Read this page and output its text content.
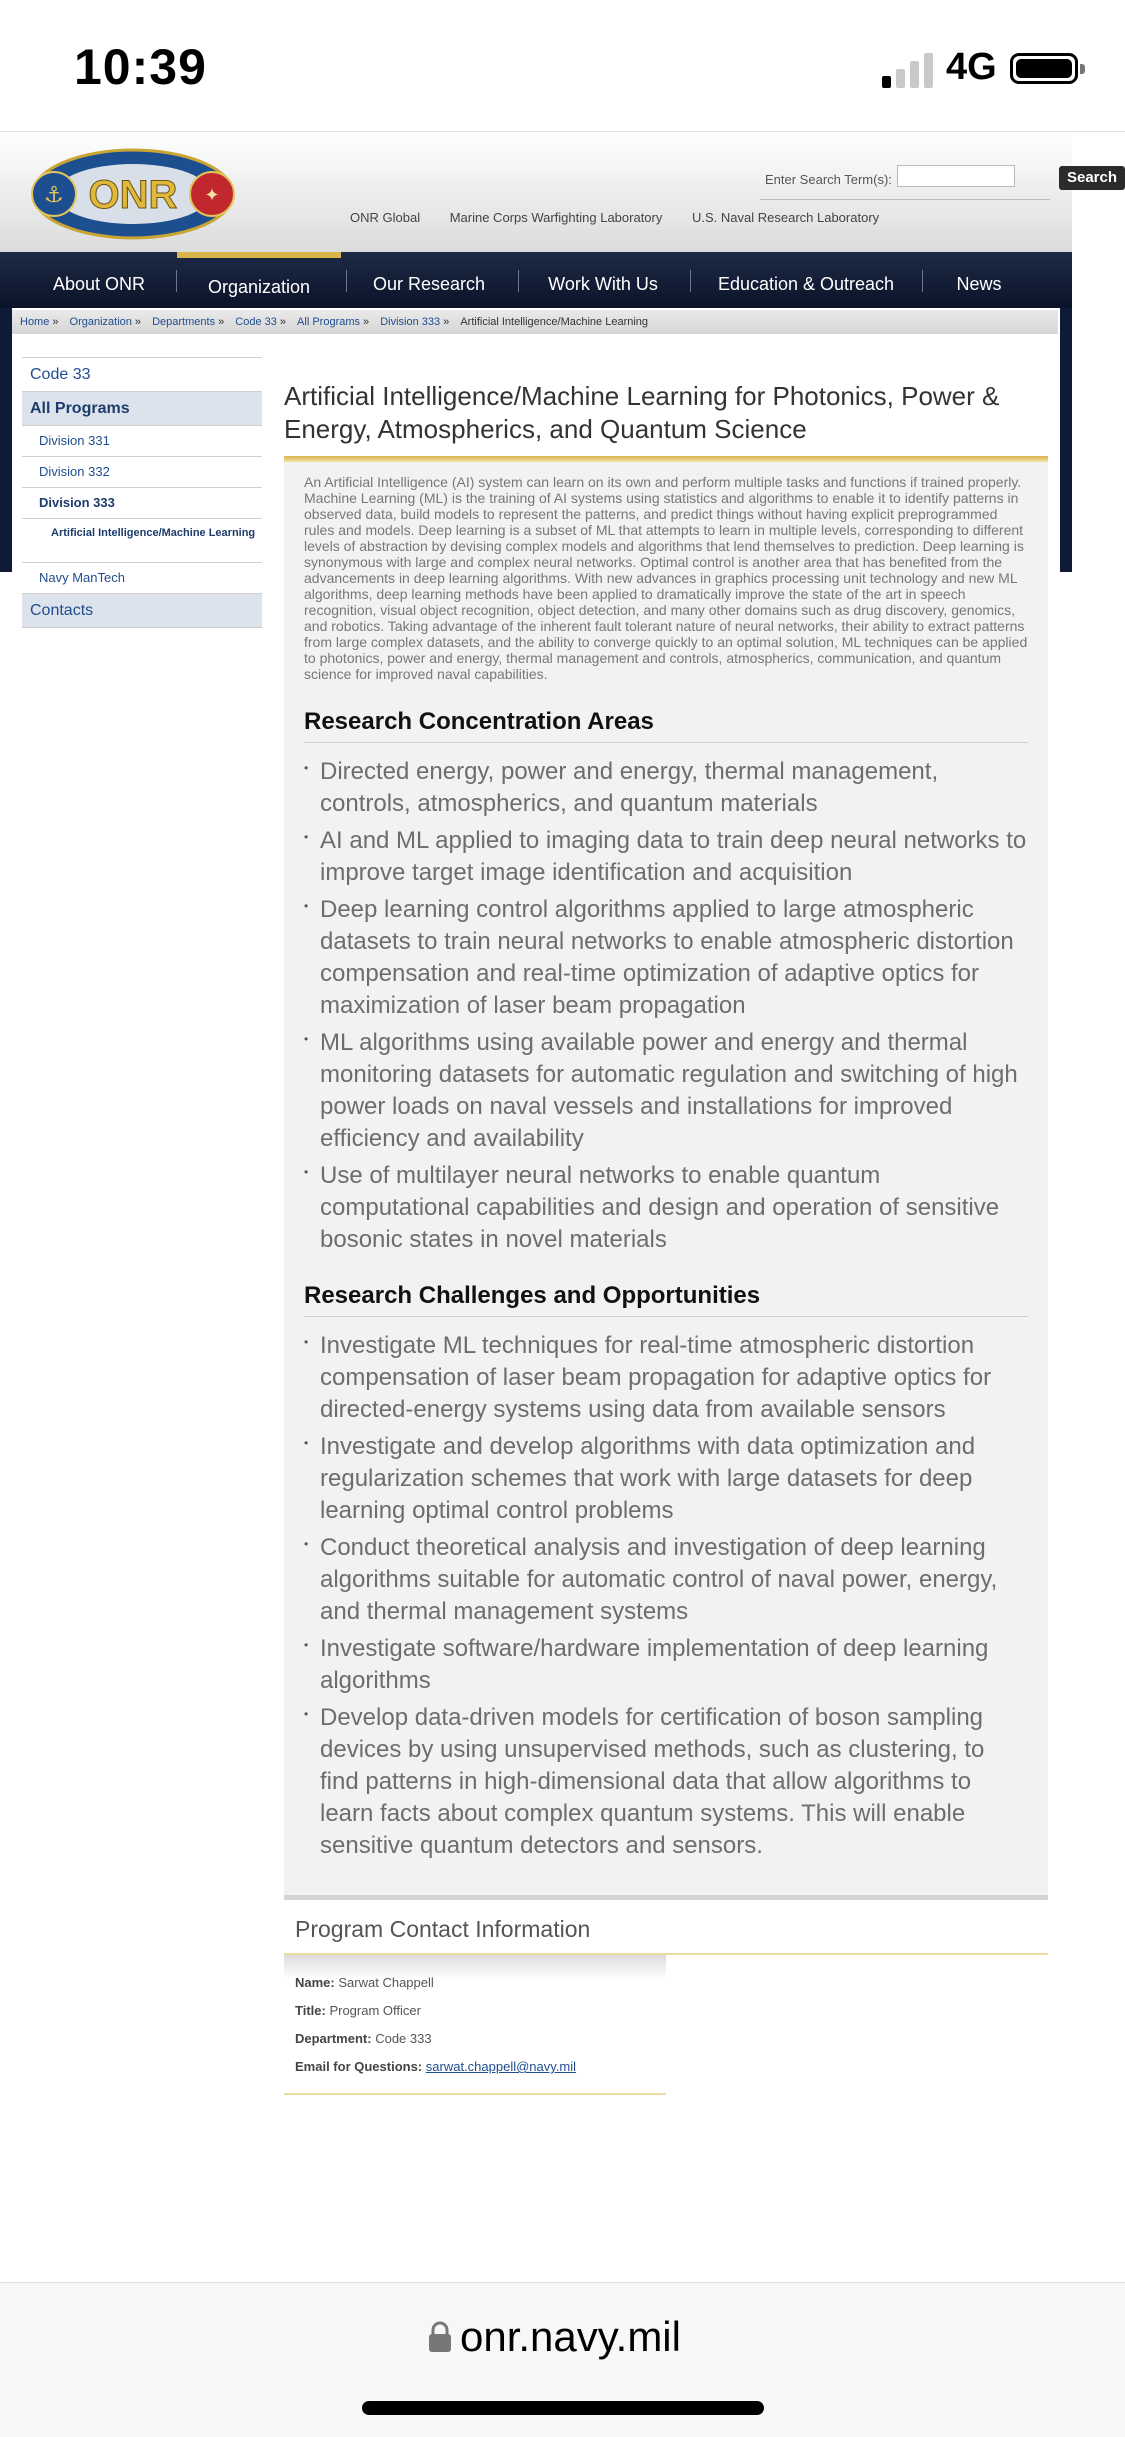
10:39	4G
⚓	✦
ONR	Enter Search Term(s):	Search
ONR Global Marine Corps Warfighting Laboratory U.S. Naval Research Laboratory
About ONR	Organization	Our Research	Work With Us	Education & Outreach	News
Home » Organization » Departments » Code 33 » All Programs » Division 333 » Artificial Intelligence/Machine Learning
Code 33
All Programs
Division 331
Division 332
Division 333
Artificial Intelligence/Machine Learning
Navy ManTech
Contacts
Artificial Intelligence/Machine Learning for Photonics, Power & Energy, Atmospherics, and Quantum Science

An Artificial Intelligence (AI) system can learn on its own and perform multiple tasks and functions if trained properly. Machine Learning (ML) is the training of AI systems using statistics and algorithms to enable it to identify patterns in observed data, build models to represent the patterns, and predict things without having explicit preprogrammed rules and models. Deep learning is a subset of ML that attempts to learn in multiple levels, corresponding to different levels of abstraction by devising complex models and algorithms that lend themselves to prediction. Deep learning is synonymous with large and complex neural networks. Optimal control is another area that has benefited from the advancements in deep learning algorithms. With new advances in graphics processing unit technology and new ML algorithms, deep learning methods have been applied to dramatically improve the state of the art in speech recognition, visual object recognition, object detection, and many other domains such as drug discovery, genomics, and robotics. Taking advantage of the inherent fault tolerant nature of neural networks, their ability to extract patterns from large complex datasets, and the ability to converge quickly to an optimal solution, ML techniques can be applied to photonics, power and energy, thermal management and controls, atmospherics, communication, and quantum science for improved naval capabilities.

Research Concentration Areas
• Directed energy, power and energy, thermal management, controls, atmospherics, and quantum materials
• AI and ML applied to imaging data to train deep neural networks to improve target image identification and acquisition
• Deep learning control algorithms applied to large atmospheric datasets to train neural networks to enable atmospheric distortion compensation and real-time optimization of adaptive optics for maximization of laser beam propagation
• ML algorithms using available power and energy and thermal monitoring datasets for automatic regulation and switching of high power loads on naval vessels and installations for improved efficiency and availability
• Use of multilayer neural networks to enable quantum computational capabilities and design and operation of sensitive bosonic states in novel materials
Research Challenges and Opportunities
• Investigate ML techniques for real-time atmospheric distortion compensation of laser beam propagation for adaptive optics for directed-energy systems using data from available sensors
• Investigate and develop algorithms with data optimization and regularization schemes that work with large datasets for deep learning optimal control problems
• Conduct theoretical analysis and investigation of deep learning algorithms suitable for automatic control of naval power, energy, and thermal management systems
• Investigate software/hardware implementation of deep learning algorithms
• Develop data-driven models for certification of boson sampling devices by using unsupervised methods, such as clustering, to find patterns in high-dimensional data that allow algorithms to learn facts about complex quantum systems. This will enable sensitive quantum detectors and sensors.
Program Contact Information

Name: Sarwat Chappell

Title: Program Officer

Department: Code 333

Email for Questions: sarwat.chappell@navy.mil

onr.navy.mil
